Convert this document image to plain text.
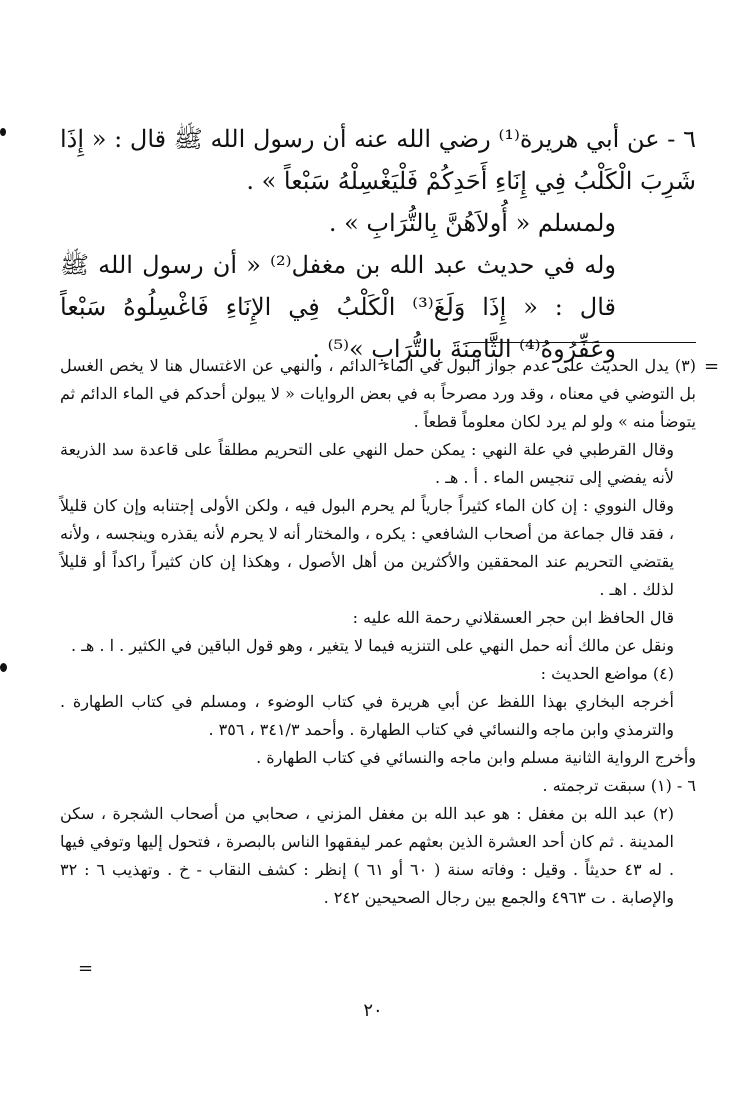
٦ - عن أبي هريرة⁽¹⁾ رضي الله عنه أن رسول الله ﷺ قال : « إِذَا شَرِبَ الْكَلْبُ فِي إِنَاءِ أَحَدِكُمْ فَلْيَغْسِلْهُ سَبْعاً » .

ولمسلم « أُولاَهُنَّ بِالتُّرَابِ » .

وله في حديث عبد الله بن مغفل⁽²⁾ « أن رسول الله ﷺ قال : « إِذَا وَلَغَ⁽³⁾ الْكَلْبُ فِي الإِنَاءِ فَاغْسِلُوهُ سَبْعاً وعَفِّرُوهُ⁽⁴⁾ الثَّامِنَةَ بِالتُّرَابِ »⁽⁵⁾ .

=

(٣) يدل الحديث على عدم جواز البول في الماء الدائم ، والنهي عن الاغتسال هنا لا يخص الغسل بل التوضي في معناه ، وقد ورد مصرحاً به في بعض الروايات « لا يبولن أحدكم في الماء الدائم ثم يتوضأ منه » ولو لم يرد لكان معلوماً قطعاً .

وقال القرطبي في علة النهي : يمكن حمل النهي على التحريم مطلقاً على قاعدة سد الذريعة لأنه يفضي إلى تنجيس الماء . أ . هـ .

وقال النووي : إن كان الماء كثيراً جارياً لم يحرم البول فيه ، ولكن الأولى إجتنابه وإن كان قليلاً ، فقد قال جماعة من أصحاب الشافعي : يكره ، والمختار أنه لا يحرم لأنه يقذره وينجسه ، ولأنه يقتضي التحريم عند المحققين والأكثرين من أهل الأصول ، وهكذا إن كان كثيراً راكداً أو قليلاً لذلك . اهـ .

قال الحافظ ابن حجر العسقلاني رحمة الله عليه :

ونقل عن مالك أنه حمل النهي على التنزيه فيما لا يتغير ، وهو قول الباقين في الكثير . ا . هـ .

(٤) مواضع الحديث :

أخرجه البخاري بهذا اللفظ عن أبي هريرة في كتاب الوضوء ، ومسلم في كتاب الطهارة . والترمذي وابن ماجه والنسائي في كتاب الطهارة . وأحمد ٣٤١/٣ ، ٣٥٦ .

وأخرج الرواية الثانية مسلم وابن ماجه والنسائي في كتاب الطهارة .

٦ - (١) سبقت ترجمته .

(٢) عبد الله بن مغفل : هو عبد الله بن مغفل المزني ، صحابي من أصحاب الشجرة ، سكن المدينة . ثم كان أحد العشرة الذين بعثهم عمر ليفقهوا الناس بالبصرة ، فتحول إليها وتوفي فيها . له ٤٣ حديثاً . وقيل : وفاته سنة ( ٦٠ أو ٦١ ) إنظر : كشف النقاب - خ . وتهذيب ٦ : ٣٢ والإصابة . ت ٤٩٦٣ والجمع بين رجال الصحيحين ٢٤٢ .

=
٢٠
